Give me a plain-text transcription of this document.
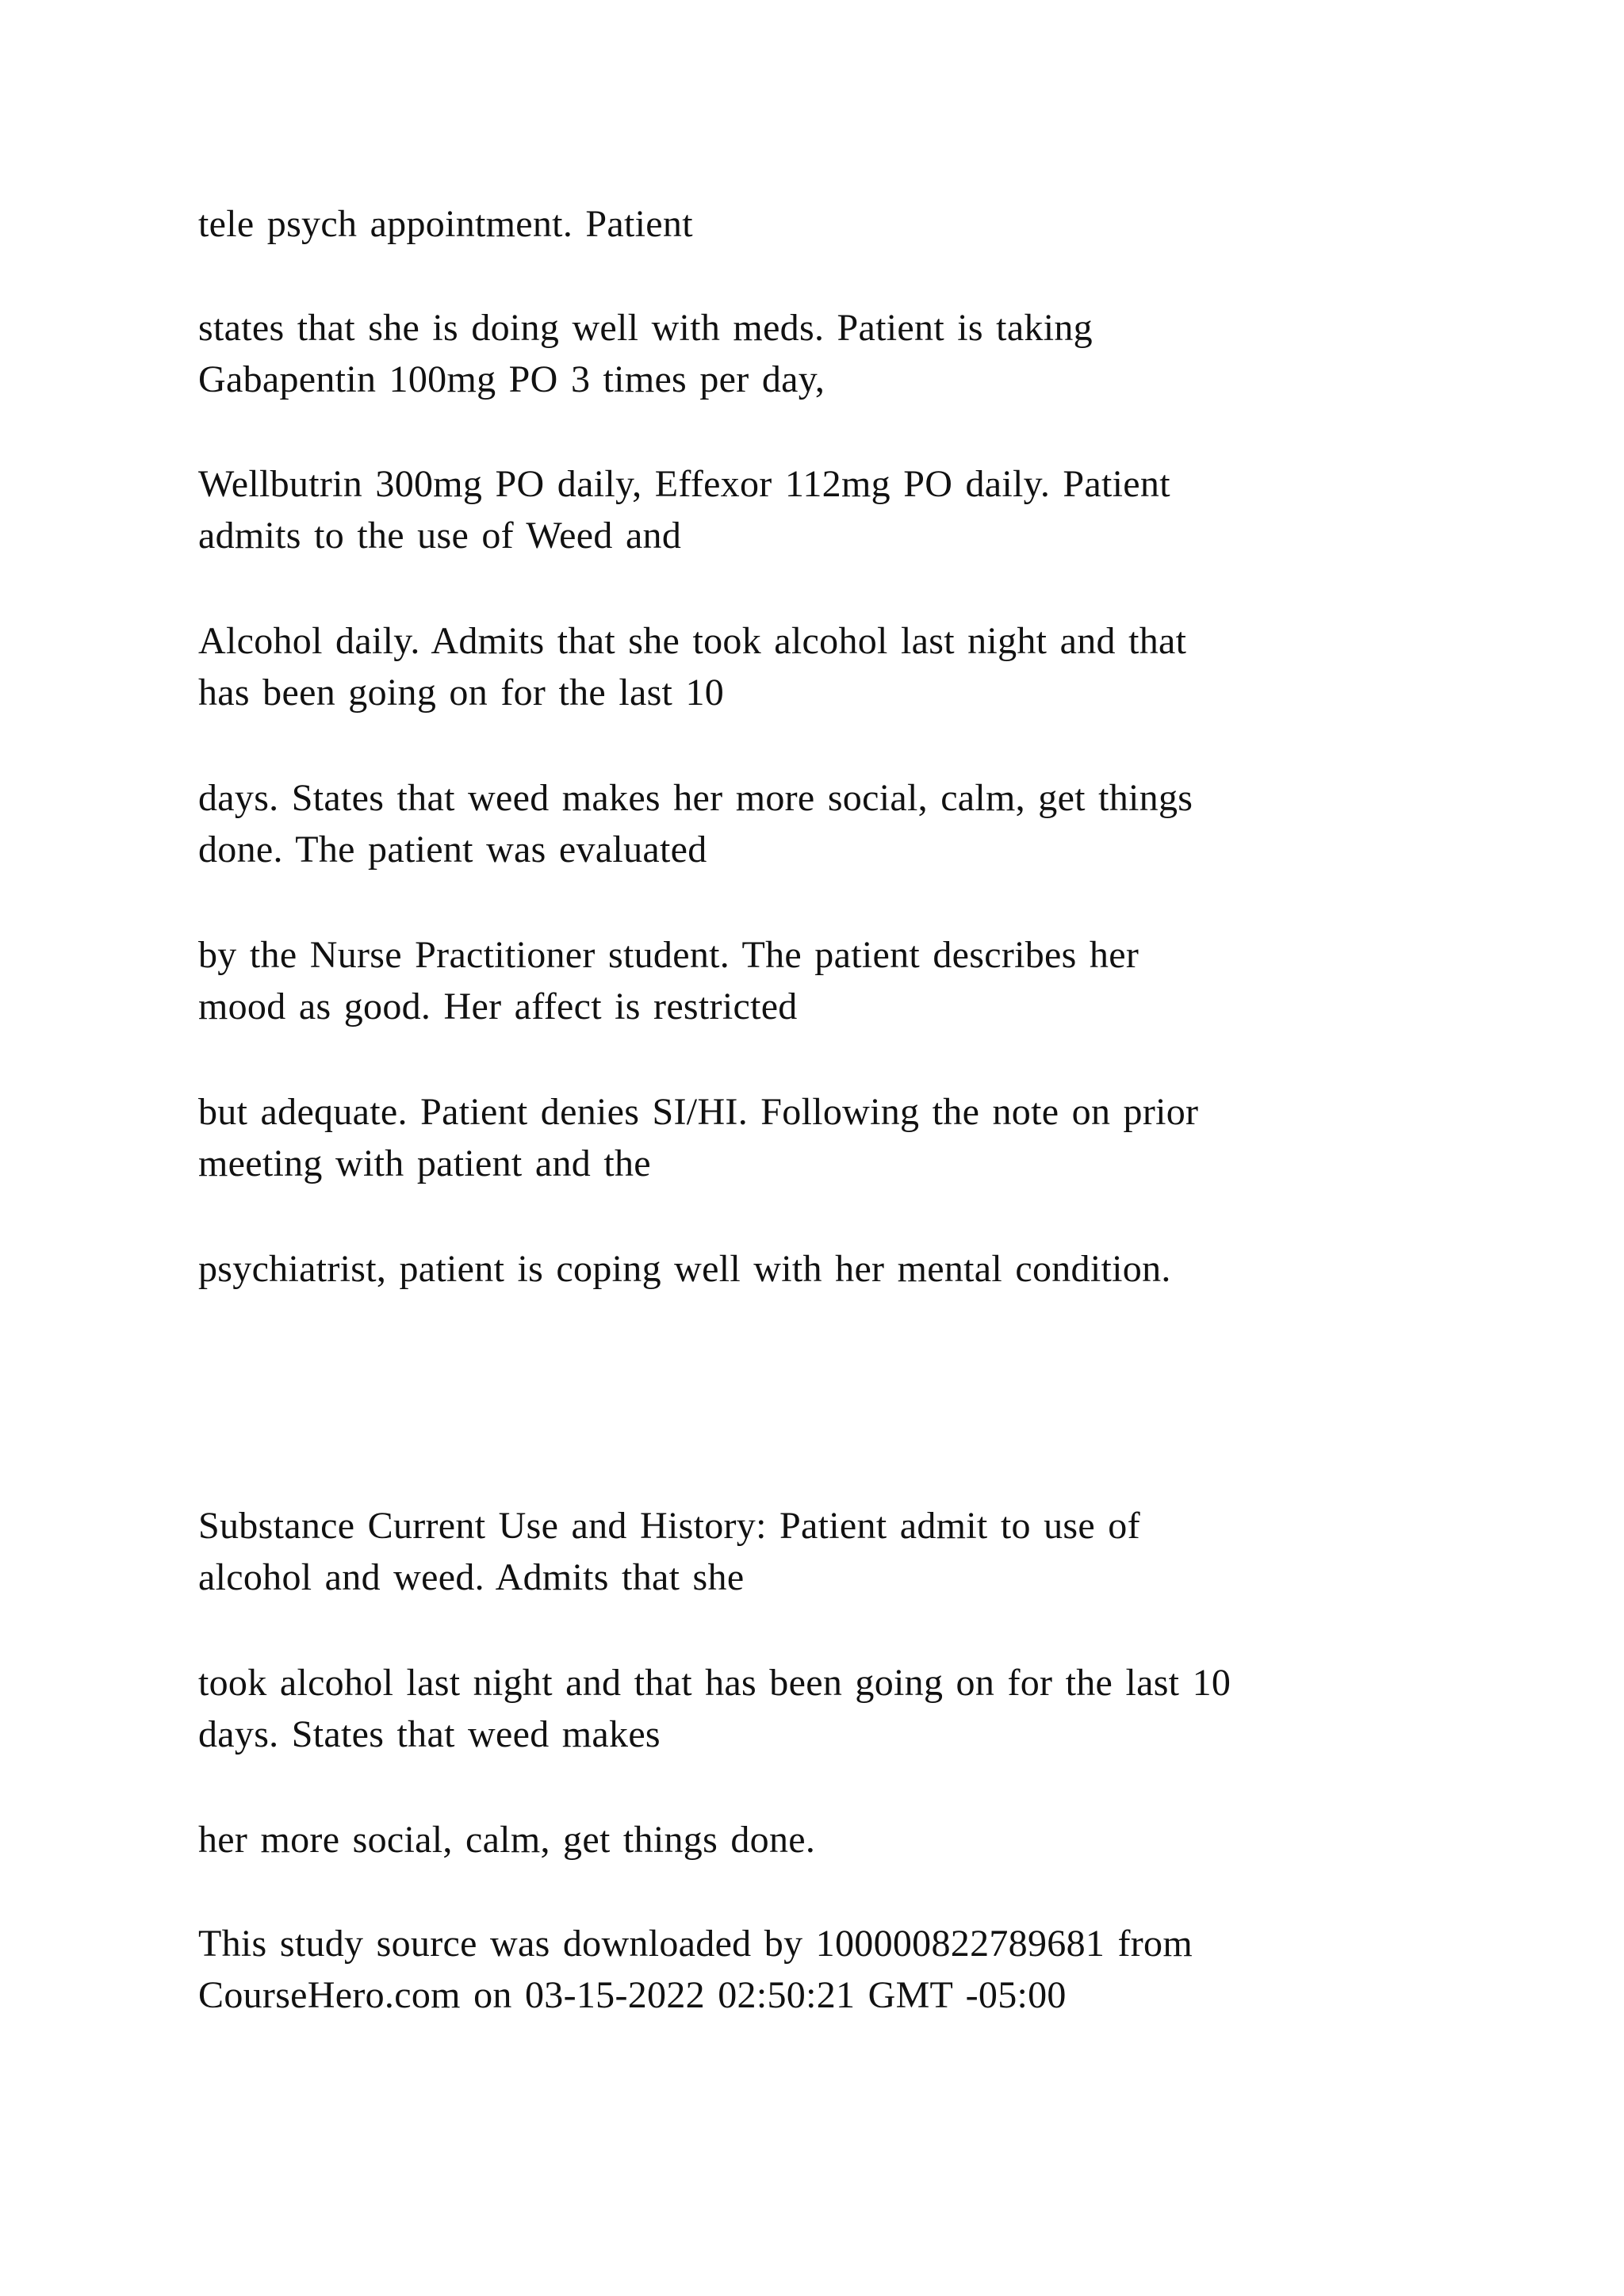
tele psych appointment. Patient

states that she is doing well with meds. Patient is taking
Gabapentin 100mg PO 3 times per day,

Wellbutrin 300mg PO daily, Effexor 112mg PO daily. Patient
admits to the use of Weed and

Alcohol daily. Admits that she took alcohol last night and that
has been going on for the last 10

days. States that weed makes her more social, calm, get things
done. The patient was evaluated

by the Nurse Practitioner student. The patient describes her
mood as good. Her affect is restricted

but adequate. Patient denies SI/HI. Following the note on prior
meeting with patient and the

psychiatrist, patient is coping well with her mental condition.

Substance Current Use and History: Patient admit to use of
alcohol and weed. Admits that she

took alcohol last night and that has been going on for the last 10
days. States that weed makes

her more social, calm, get things done.

This study source was downloaded by 100000822789681 from
CourseHero.com on 03-15-2022 02:50:21 GMT -05:00
